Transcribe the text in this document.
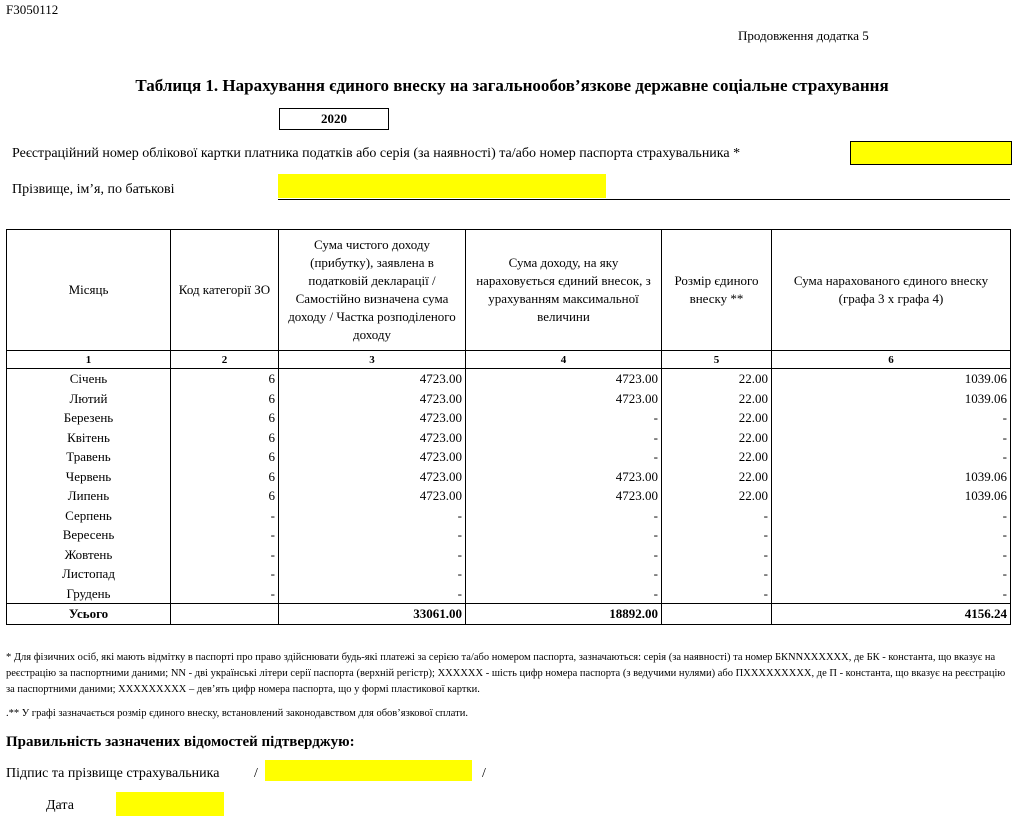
F3050112
Продовження додатка 5
Таблиця 1. Нарахування єдиного внеску на загальнообов’язкове державне соціальне страхування
2020
Реєстраційний номер облікової картки платника податків або серія (за наявності) та/або номер паспорта страхувальника *
Прізвище, ім’я, по батькові
Місяць	Код категорії ЗО	Сума чистого доходу (прибутку), заявлена в податковій декларації / Самостійно визначена сума доходу / Частка розподіленого доходу	Сума доходу, на яку нараховується єдиний внесок, з урахуванням максимальної величини	Розмір єдиного внеску **	Сума нарахованого єдиного внеску (графа 3 х графа 4)
1	2	3	4	5	6
Січень	6	4723.00	4723.00	22.00	1039.06
Лютий	6	4723.00	4723.00	22.00	1039.06
Березень	6	4723.00	-	22.00	-
Квітень	6	4723.00	-	22.00	-
Травень	6	4723.00	-	22.00	-
Червень	6	4723.00	4723.00	22.00	1039.06
Липень	6	4723.00	4723.00	22.00	1039.06
Серпень	-	-	-	-	-
Вересень	-	-	-	-	-
Жовтень	-	-	-	-	-
Листопад	-	-	-	-	-
Грудень	-	-	-	-	-
Усього		33061.00	18892.00		4156.24
* Для фізичних осіб, які мають відмітку в паспорті про право здійснювати будь-які платежі за серією та/або номером паспорта, зазначаються: серія (за наявності) та номер БКNNXXXXXX, де БК - константа, що вказує на реєстрацію за паспортними даними; NN - дві українські літери серії паспорта (верхній регістр); XXXXXX - шість цифр номера паспорта (з ведучими нулями) або ПXXXXXXXXX, де П - константа, що вказує на реєстрацію за паспортними даними; XXXXXXXXX – дев’ять цифр номера паспорта, що у формі пластикової картки.
.** У графі зазначається розмір єдиного внеску, встановлений законодавством для обов’язкової сплати.
Правильність зазначених відомостей підтверджую:
Підпис та прізвище страхувальника /	/
Дата
